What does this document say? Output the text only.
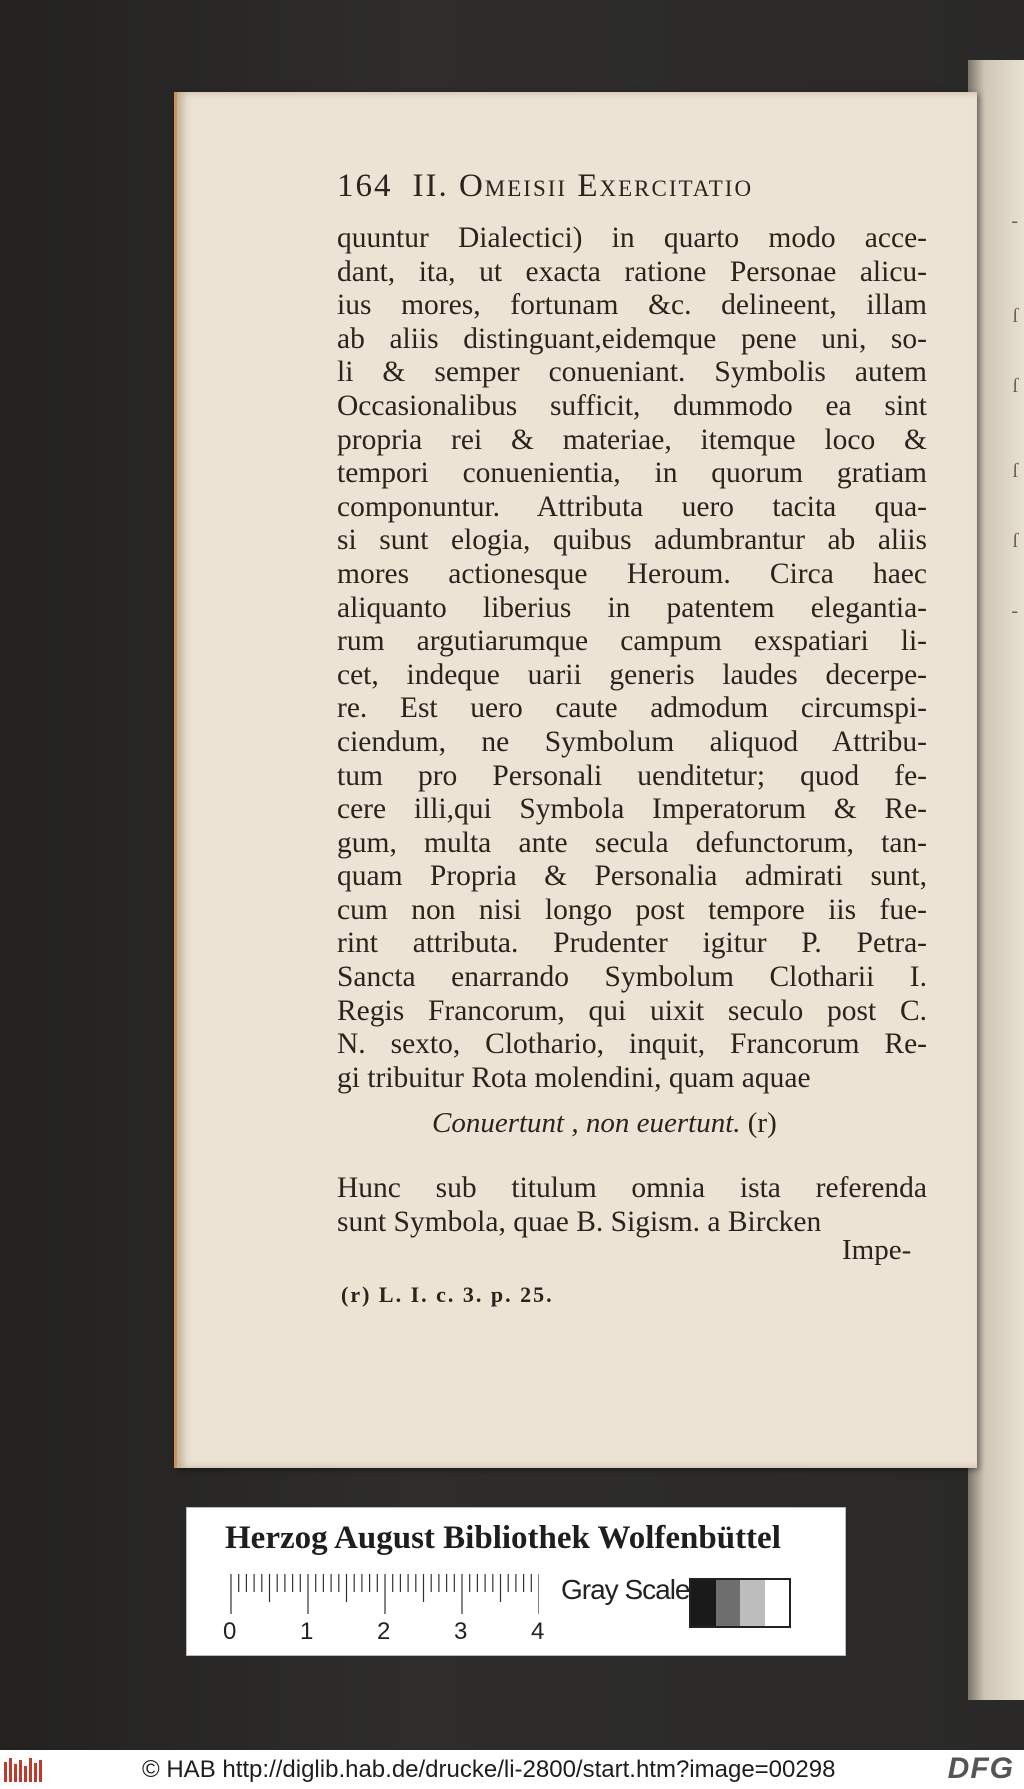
-
ſ
ſ
ſ
ſ
-
164 II. Omeisii Exercitatio
quuntur Dialectici) in quarto modo acce-
dant, ita, ut exacta ratione Personae alicu-
ius mores, fortunam &c. delineent, illam
ab aliis distinguant,eidemque pene uni, so-
li & semper conueniant. Symbolis autem
Occasionalibus sufficit, dummodo ea sint
propria rei & materiae, itemque loco &
tempori conuenientia, in quorum gratiam
componuntur. Attributa uero tacita qua-
si sunt elogia, quibus adumbrantur ab aliis
mores actionesque Heroum. Circa haec
aliquanto liberius in patentem elegantia-
rum argutiarumque campum exspatiari li-
cet, indeque uarii generis laudes decerpe-
re. Est uero caute admodum circumspi-
ciendum, ne Symbolum aliquod Attribu-
tum pro Personali uenditetur; quod fe-
cere illi,qui Symbola Imperatorum & Re-
gum, multa ante secula defunctorum, tan-
quam Propria & Personalia admirati sunt,
cum non nisi longo post tempore iis fue-
rint attributa. Prudenter igitur P. Petra-
Sancta enarrando Symbolum Clotharii I.
Regis Francorum, qui uixit seculo post C.
N. sexto, Clothario, inquit, Francorum Re-
gi tribuitur Rota molendini, quam aquae
Conuertunt , non euertunt. (r)
Hunc sub titulum omnia ista referenda
sunt Symbola, quae B. Sigism. a Bircken
Impe-
(r) L. I. c. 3. p. 25.
Herzog August Bibliothek Wolfenbüttel
0	1	2	3	4
Gray Scale
© HAB http://diglib.hab.de/drucke/li-2800/start.htm?image=00298	DFG
